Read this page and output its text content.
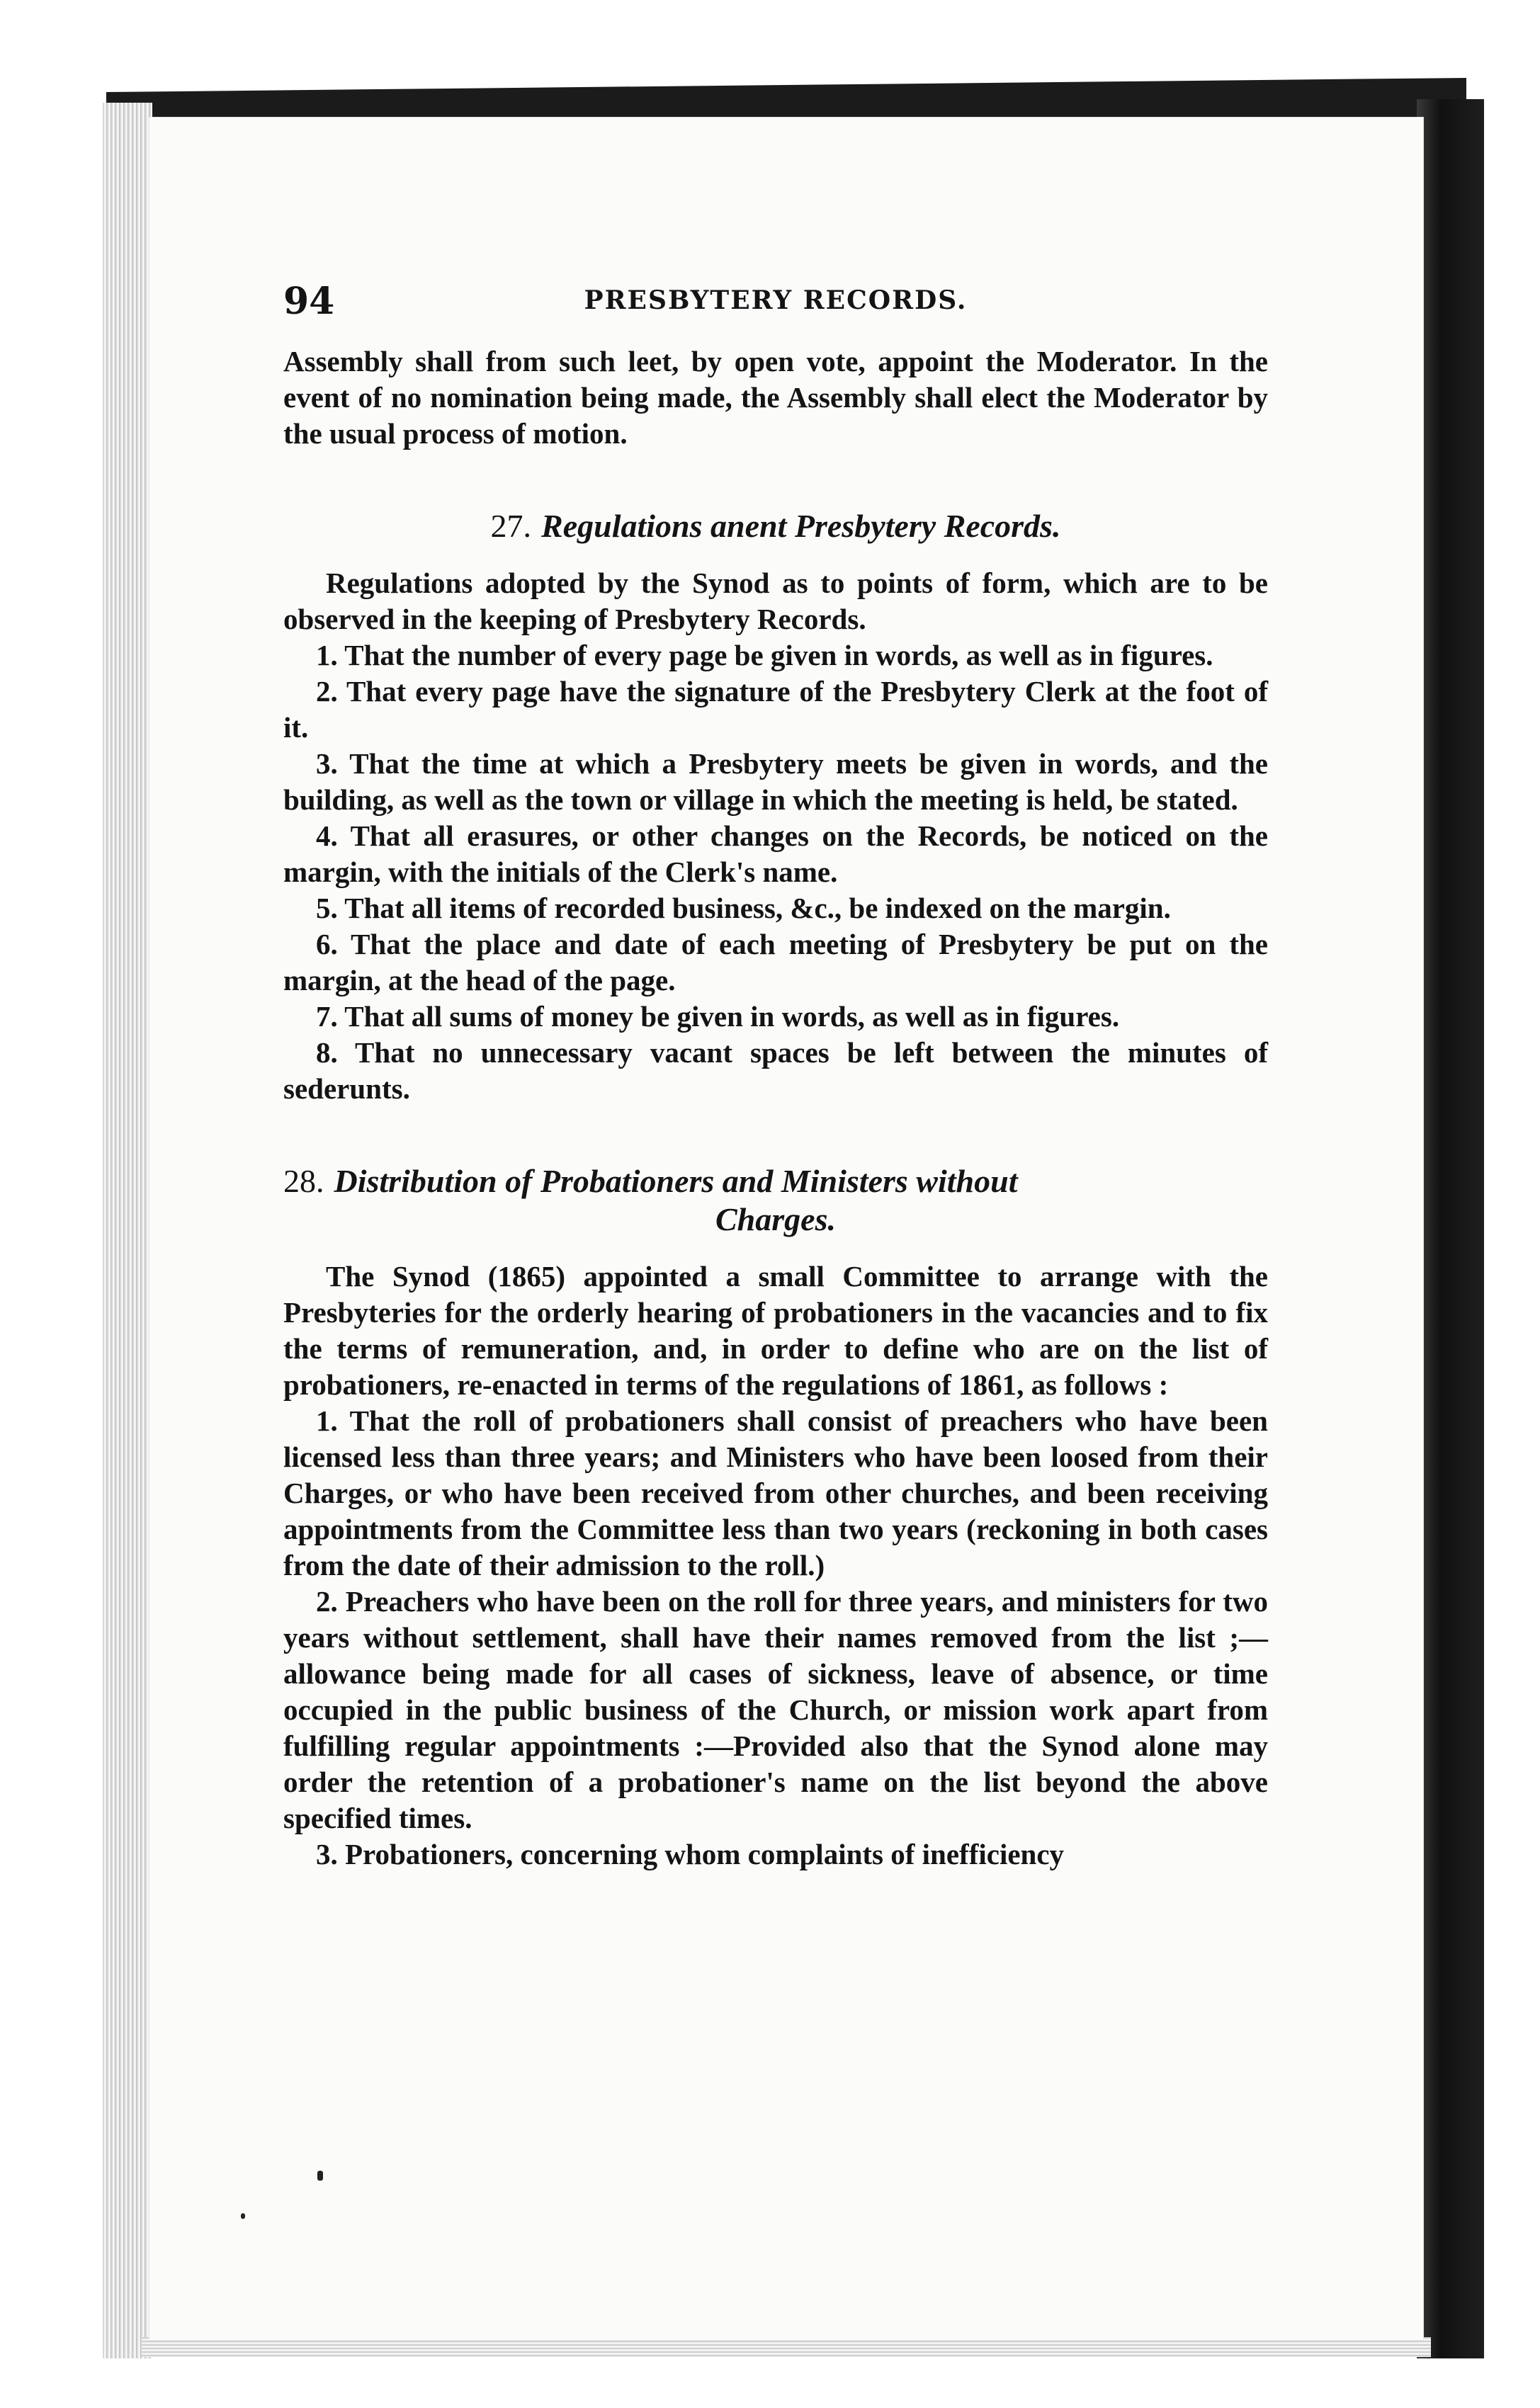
94	PRESBYTERY RECORDS.

Assembly shall from such leet, by open vote, appoint the Moderator. In the event of no nomination being made, the Assembly shall elect the Moderator by the usual process of motion.

27. Regulations anent Presbytery Records.

Regulations adopted by the Synod as to points of form, which are to be observed in the keeping of Presbytery Records.

1. That the number of every page be given in words, as well as in figures.

2. That every page have the signature of the Presbytery Clerk at the foot of it.

3. That the time at which a Presbytery meets be given in words, and the building, as well as the town or village in which the meeting is held, be stated.

4. That all erasures, or other changes on the Records, be noticed on the margin, with the initials of the Clerk's name.

5. That all items of recorded business, &c., be indexed on the margin.

6. That the place and date of each meeting of Presbytery be put on the margin, at the head of the page.

7. That all sums of money be given in words, as well as in figures.

8. That no unnecessary vacant spaces be left between the minutes of sederunts.

28. Distribution of Probationers and Ministers without
Charges.

The Synod (1865) appointed a small Committee to arrange with the Presbyteries for the orderly hearing of probationers in the vacancies and to fix the terms of remuneration, and, in order to define who are on the list of probationers, re-enacted in terms of the regulations of 1861, as follows :

1. That the roll of probationers shall consist of preachers who have been licensed less than three years; and Ministers who have been loosed from their Charges, or who have been received from other churches, and been receiving appointments from the Committee less than two years (reckoning in both cases from the date of their admission to the roll.)

2. Preachers who have been on the roll for three years, and ministers for two years without settlement, shall have their names removed from the list ;—allowance being made for all cases of sickness, leave of absence, or time occupied in the public business of the Church, or mission work apart from fulfilling regular appointments :—Provided also that the Synod alone may order the retention of a probationer's name on the list beyond the above specified times.

3. Probationers, concerning whom complaints of inefficiency
